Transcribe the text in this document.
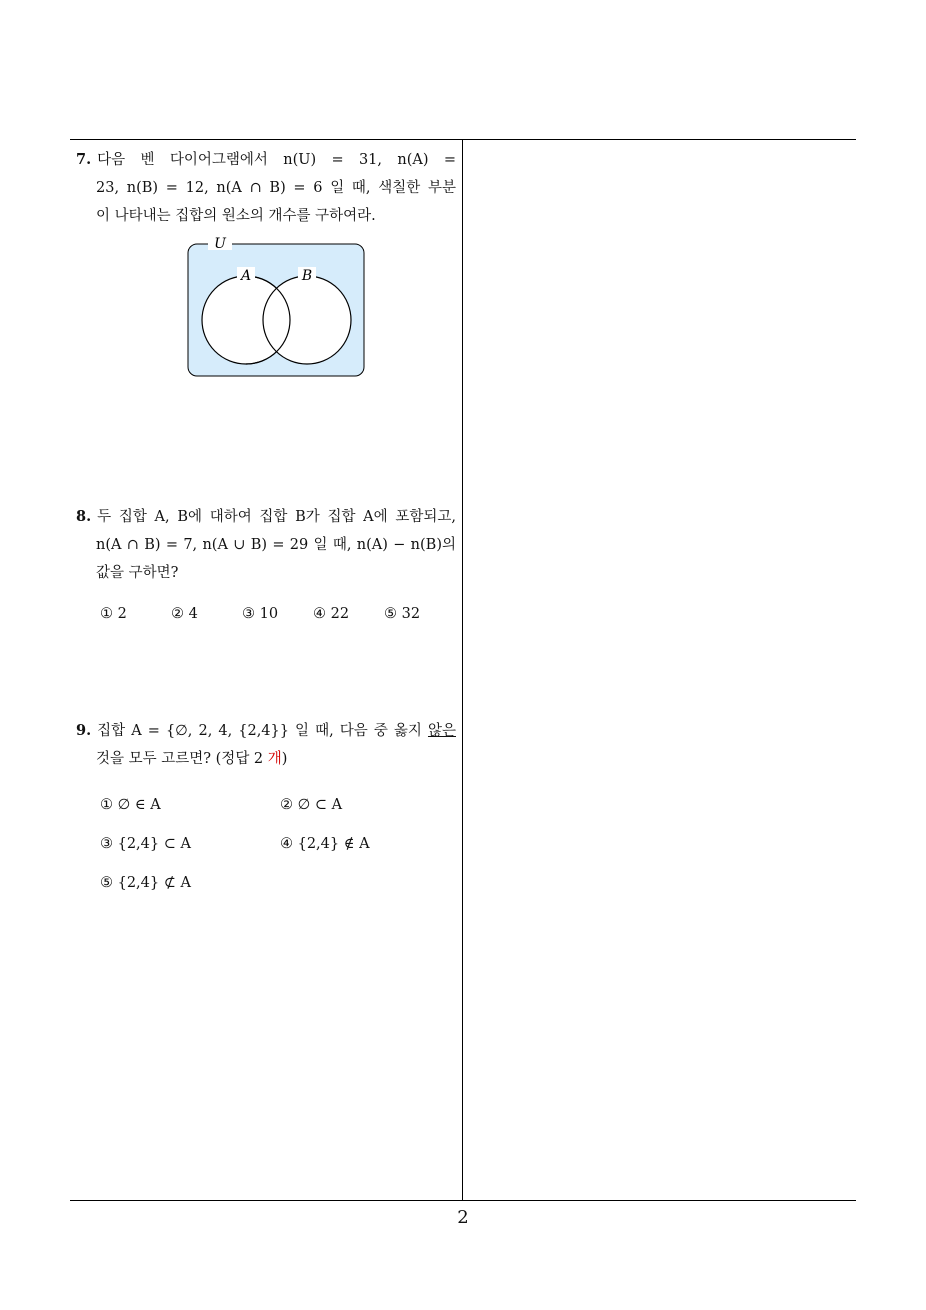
7. 다음 벤 다이어그램에서 n(U) = 31, n(A) =
23, n(B) = 12, n(A ∩ B) = 6 일 때, 색칠한 부분
이 나타내는 집합의 원소의 개수를 구하여라.
U
A	B
8. 두 집합 A, B에 대하여 집합 B가 집합 A에 포함되고,
n(A ∩ B) = 7, n(A ∪ B) = 29 일 때, n(A) − n(B)의
값을 구하면?
① 2	② 4	③ 10 ④ 22 ⑤ 32
9. 집합 A = {∅, 2, 4, {2,4}} 일 때, 다음 중 옳지 않은
것을 모두 고르면? (정답 2 개)
① ∅ ∈ A	② ∅ ⊂ A
③ {2,4} ⊂ A	④ {2,4} ∉ A
⑤ {2,4} ⊄ A
2
